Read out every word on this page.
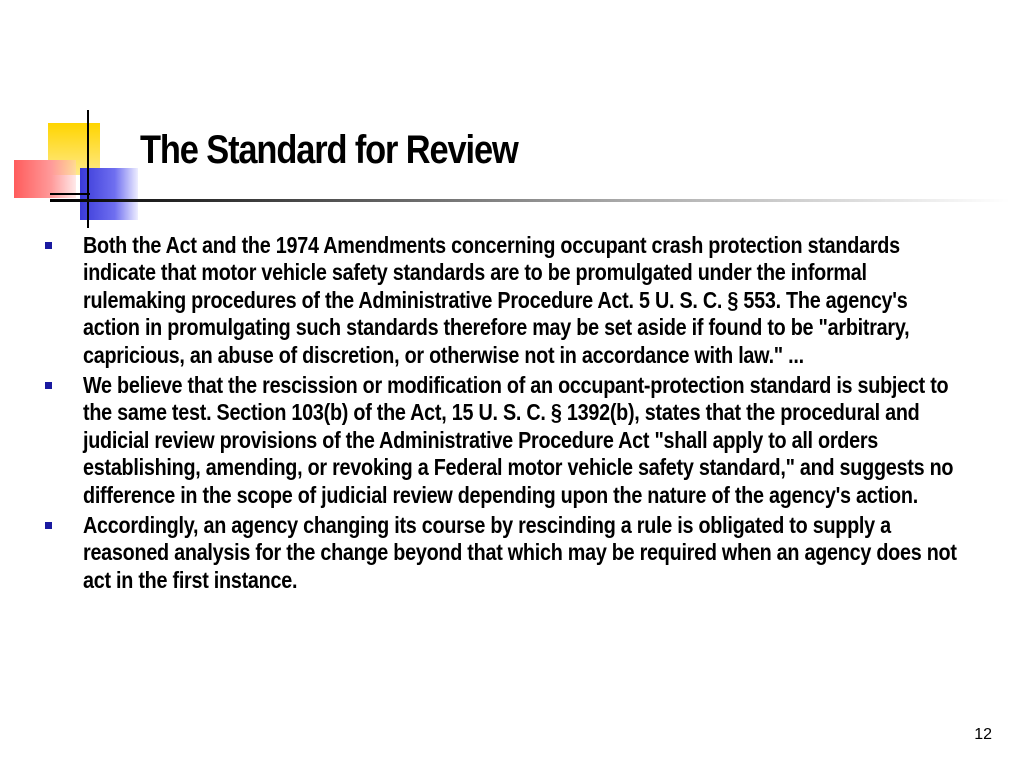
The Standard for Review
Both the Act and the 1974 Amendments concerning occupant crash protection standards indicate that motor vehicle safety standards are to be promulgated under the informal rulemaking procedures of the Administrative Procedure Act. 5 U. S. C. § 553. The agency's action in promulgating such standards therefore may be set aside if found to be "arbitrary, capricious, an abuse of discretion, or otherwise not in accordance with law." ...
We believe that the rescission or modification of an occupant-protection standard is subject to the same test. Section 103(b) of the Act, 15 U. S. C. § 1392(b), states that the procedural and judicial review provisions of the Administrative Procedure Act "shall apply to all orders establishing, amending, or revoking a Federal motor vehicle safety standard," and suggests no difference in the scope of judicial review depending upon the nature of the agency's action.
Accordingly, an agency changing its course by rescinding a rule is obligated to supply a reasoned analysis for the change beyond that which may be required when an agency does not act in the first instance.
12
